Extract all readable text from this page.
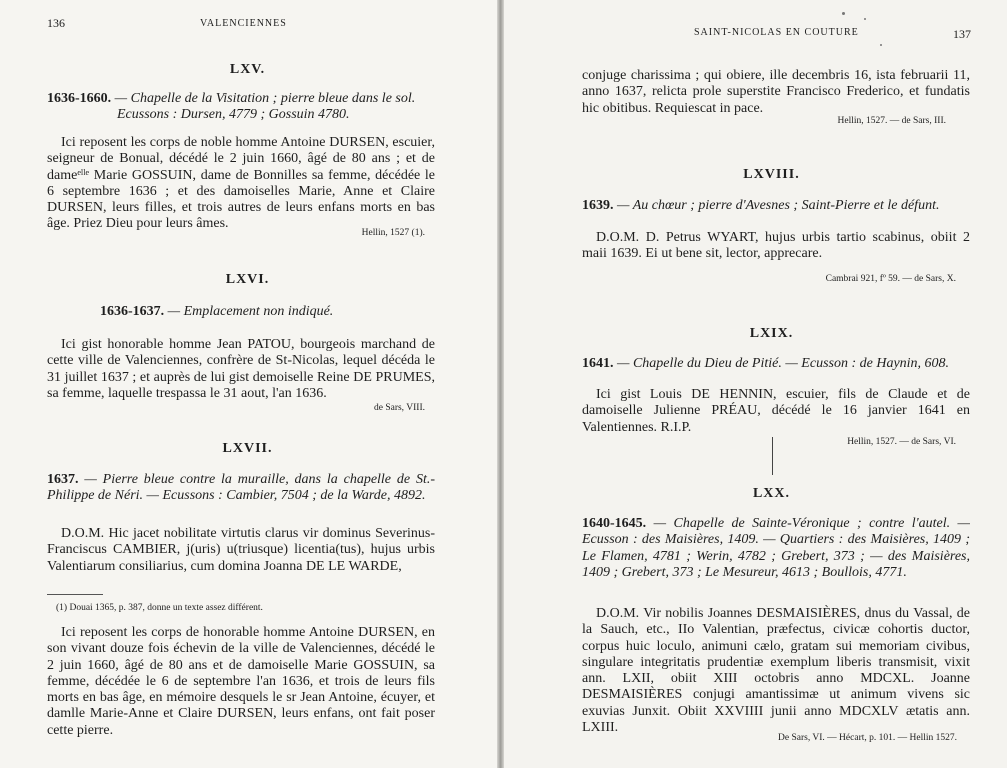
136	VALENCIENNES
LXV.
1636-1660. — Chapelle de la Visitation ; pierre bleue dans le sol.
Ecussons : Dursen, 4779 ; Gossuin 4780.
Ici reposent les corps de noble homme Antoine DURSEN, escuier, seigneur de Bonual, décédé le 2 juin 1660, âgé de 80 ans ; et de dameᵉˡˡᵉ Marie GOSSUIN, dame de Bonnilles sa femme, décédée le 6 septembre 1636 ; et des damoiselles Marie, Anne et Claire DURSEN, leurs filles, et trois autres de leurs enfans morts en bas âge. Priez Dieu pour leurs âmes.
Hellin, 1527 (1).
LXVI.
1636-1637. — Emplacement non indiqué.
Ici gist honorable homme Jean PATOU, bourgeois marchand de cette ville de Valenciennes, confrère de St-Nicolas, lequel décéda le 31 juillet 1637 ; et auprès de lui gist demoiselle Reine DE PRUMES, sa femme, laquelle trespassa le 31 aout, l'an 1636.
de Sars, VIII.
LXVII.
1637. — Pierre bleue contre la muraille, dans la chapelle de St.-Philippe de Néri. — Ecussons : Cambier, 7504 ; de la Warde, 4892.
D.O.M. Hic jacet nobilitate virtutis clarus vir dominus Severinus-Franciscus CAMBIER, j(uris) u(triusque) licentia(tus), hujus urbis Valentiarum consiliarius, cum domina Joanna DE LE WARDE,
(1) Douai 1365, p. 387, donne un texte assez différent.
Ici reposent les corps de honorable homme Antoine DURSEN, en son vivant douze fois échevin de la ville de Valenciennes, décédé le 2 juin 1660, âgé de 80 ans et de damoiselle Marie GOSSUIN, sa femme, décédée le 6 de septembre l'an 1636, et trois de leurs fils morts en bas âge, en mémoire desquels le sr Jean Antoine, écuyer, et damlle Marie-Anne et Claire DURSEN, leurs enfans, ont fait poser cette pierre.
SAINT-NICOLAS EN COUTURE	137
conjuge charissima ; qui obiere, ille decembris 16, ista februarii 11, anno 1637, relicta prole superstite Francisco Frederico, et fundatis hic obitibus. Requiescat in pace.
Hellin, 1527. — de Sars, III.
LXVIII.
1639. — Au chœur ; pierre d'Avesnes ; Saint-Pierre et le défunt.
D.O.M. D. Petrus WYART, hujus urbis tartio scabinus, obiit 2 maii 1639. Ei ut bene sit, lector, apprecare.
Cambrai 921, fº 59. — de Sars, X.
LXIX.
1641. — Chapelle du Dieu de Pitié. — Ecusson : de Haynin, 608.
Ici gist Louis DE HENNIN, escuier, fils de Claude et de damoiselle Julienne PRÉAU, décédé le 16 janvier 1641 en Valentiennes. R.I.P.
Hellin, 1527. — de Sars, VI.
LXX.
1640-1645. — Chapelle de Sainte-Véronique ; contre l'autel. — Ecusson : des Maisières, 1409. — Quartiers : des Maisières, 1409 ; Le Flamen, 4781 ; Werin, 4782 ; Grebert, 373 ; — des Maisières, 1409 ; Grebert, 373 ; Le Mesureur, 4613 ; Boullois, 4771.
D.O.M. Vir nobilis Joannes DESMAISIÈRES, dnus du Vassal, de la Sauch, etc., IIo Valentian, præfectus, civicæ cohortis ductor, corpus huic loculo, animuni cælo, gratam sui memoriam civibus, singulare integritatis prudentiæ exemplum liberis transmisit, vixit ann. LXII, obiit XIII octobris anno MDCXL. Joanne DESMAISIÈRES conjugi amantissimæ ut animum vivens sic exuvias Junxit. Obiit XXVIIII junii anno MDCXLV ætatis ann. LXIII.
De Sars, VI. — Hécart, p. 101. — Hellin 1527.
